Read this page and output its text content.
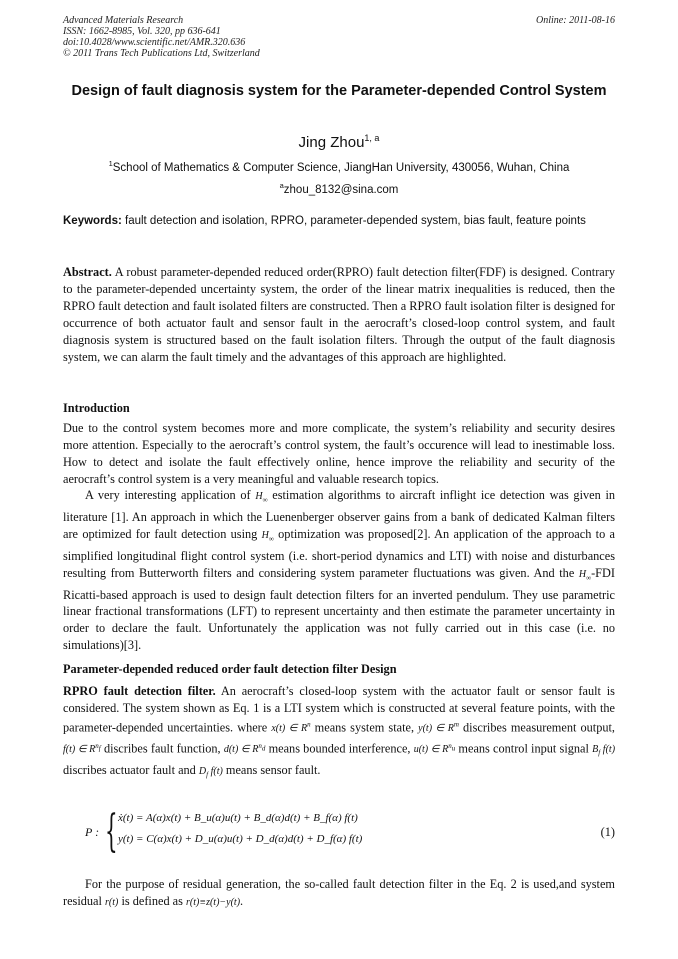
Advanced Materials Research
ISSN: 1662-8985, Vol. 320, pp 636-641
doi:10.4028/www.scientific.net/AMR.320.636
© 2011 Trans Tech Publications Ltd, Switzerland
Online: 2011-08-16
Design of fault diagnosis system for the Parameter-depended Control System
Jing Zhou$^{1, a}$
$^1$School of Mathematics & Computer Science, JiangHan University, 430056, Wuhan, China
$^a$zhou_8132@sina.com
Keywords: fault detection and isolation, RPRO, parameter-depended system, bias fault, feature points
Abstract. A robust parameter-depended reduced order(RPRO) fault detection filter(FDF) is designed. Contrary to the parameter-depended uncertainty system, the order of the linear matrix inequalities is reduced, then the RPRO fault detection and fault isolated filters are constructed. Then a RPRO fault isolation filter is designed for occurrence of both actuator fault and sensor fault in the aerocraft’s closed-loop control system, and fault diagnosis system is structured based on the fault isolation filters. Through the output of the fault diagnosis system, we can alarm the fault timely and the advantages of this approach are highlighted.
Introduction
Due to the control system becomes more and more complicate, the system’s reliability and security desires more attention. Especially to the aerocraft’s control system, the fault’s occurence will lead to inestimable loss. How to detect and isolate the fault effectively online, hence improve the reliability and security of the aerocraft’s control system is a very meaningful and valuable research topics.
A very interesting application of $H_\infty$ estimation algorithms to aircraft inflight ice detection was given in literature [1]. An approach in which the Luenenberger observer gains from a bank of dedicated Kalman filters are optimized for fault detection using $H_\infty$ optimization was proposed[2]. An application of the approach to a simplified longitudinal flight control system (i.e. short-period dynamics and LTI) with noise and disturbances resulting from Butterworth filters and considering system parameter fluctuations was given. And the $H_\infty$-FDI Ricatti-based approach is used to design fault detection filters for an inverted pendulum. They use parametric linear fractional transformations (LFT) to represent uncertainty and then estimate the parameter uncertainty in order to declare the fault. Unfortunately the application was not fully carried out in this case (i.e. no simulations)[3].
Parameter-depended reduced order fault detection filter Design
RPRO fault detection filter. An aerocraft’s closed-loop system with the actuator fault or sensor fault is considered. The system shown as Eq. 1 is a LTI system which is constructed at several feature points, with the parameter-depended uncertainties. where x(t) ∈ $R^n$ means system state, y(t) ∈ $R^m$ discribes measurement output, f(t) ∈ $R^{n_f}$ discribes fault function, d(t) ∈ $R^{n_d}$ means bounded interference, u(t) ∈ $R^{n_u}$ means control input signal $B_f$ f(t) discribes actuator fault and $D_f$ f(t) means sensor fault.
P : { ẋ(t) = A(α)x(t) + B_u(α)u(t) + B_d(α)d(t) + B_f(α) f(t)
y(t) = C(α)x(t) + D_u(α)u(t) + D_d(α)d(t) + D_f(α) f(t)	(1)
For the purpose of residual generation, the so-called fault detection filter in the Eq. 2 is used,and system residual r(t) is defined as r(t)≡z(t)−y(t).
